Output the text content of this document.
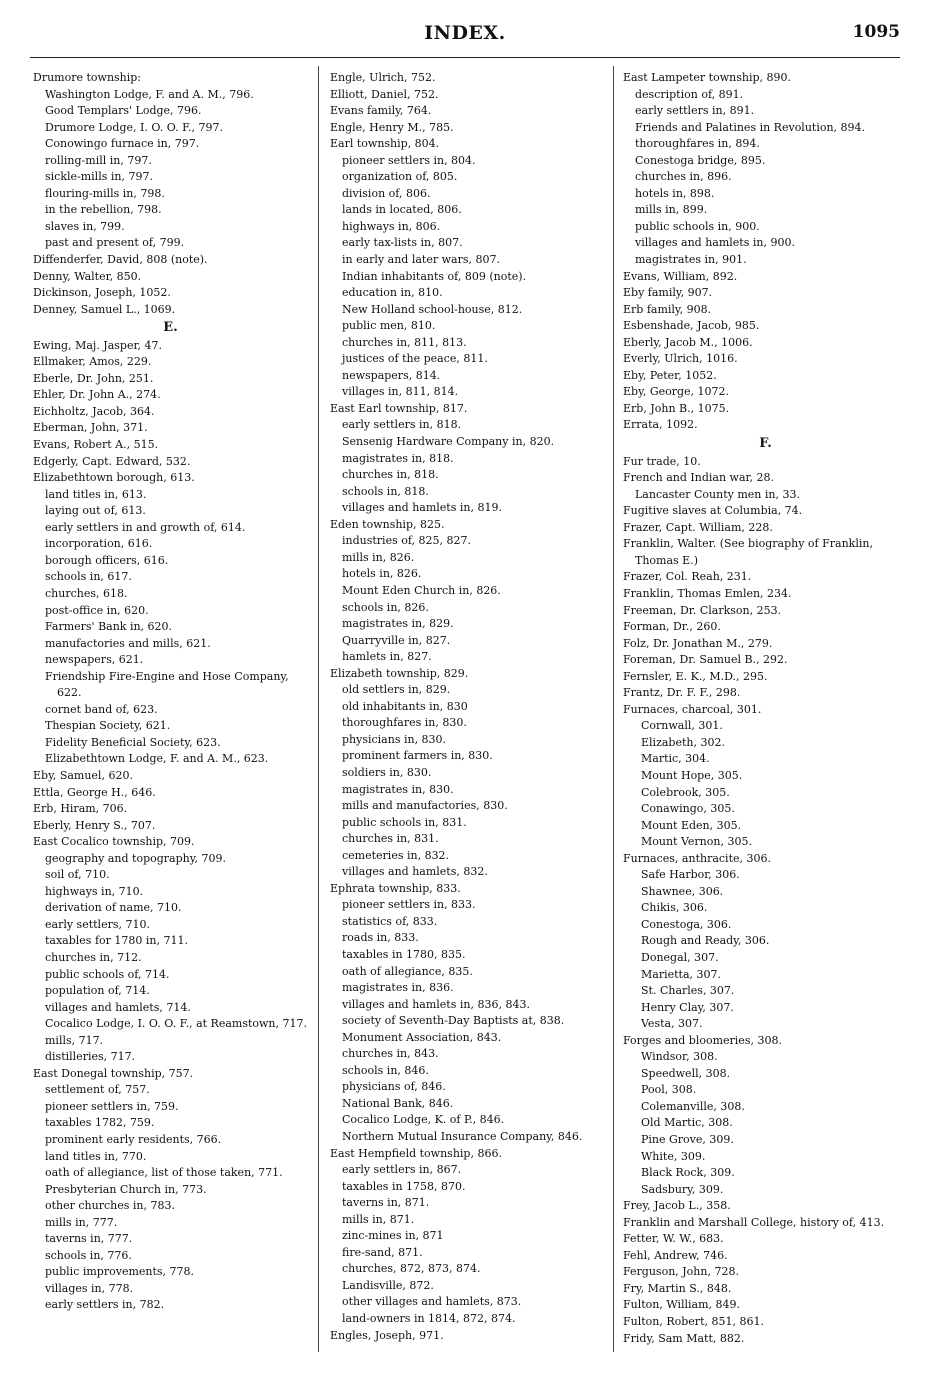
INDEX.	1095
Drumore township:
Washington Lodge, F. and A. M., 796.
Good Templars' Lodge, 796.
Drumore Lodge, I. O. O. F., 797.
Conowingo furnace in, 797.
rolling-mill in, 797.
sickle-mills in, 797.
flouring-mills in, 798.
in the rebellion, 798.
slaves in, 799.
past and present of, 799.
Diffenderfer, David, 808 (note).
Denny, Walter, 850.
Dickinson, Joseph, 1052.
Denney, Samuel L., 1069.
E.
Ewing, Maj. Jasper, 47.
Ellmaker, Amos, 229.
Eberle, Dr. John, 251.
Ehler, Dr. John A., 274.
Eichholtz, Jacob, 364.
Eberman, John, 371.
Evans, Robert A., 515.
Edgerly, Capt. Edward, 532.
Elizabethtown borough, 613.
land titles in, 613.
laying out of, 613.
early settlers in and growth of, 614.
incorporation, 616.
borough officers, 616.
schools in, 617.
churches, 618.
post-office in, 620.
Farmers' Bank in, 620.
manufactories and mills, 621.
newspapers, 621.
Friendship Fire-Engine and Hose Company, 622.
cornet band of, 623.
Thespian Society, 621.
Fidelity Beneficial Society, 623.
Elizabethtown Lodge, F. and A. M., 623.
Eby, Samuel, 620.
Ettla, George H., 646.
Erb, Hiram, 706.
Eberly, Henry S., 707.
East Cocalico township, 709.
geography and topography, 709.
soil of, 710.
highways in, 710.
derivation of name, 710.
early settlers, 710.
taxables for 1780 in, 711.
churches in, 712.
public schools of, 714.
population of, 714.
villages and hamlets, 714.
Cocalico Lodge, I. O. O. F., at Reamstown, 717.
mills, 717.
distilleries, 717.
East Donegal township, 757.
settlement of, 757.
pioneer settlers in, 759.
taxables 1782, 759.
prominent early residents, 766.
land titles in, 770.
oath of allegiance, list of those taken, 771.
Presbyterian Church in, 773.
other churches in, 783.
mills in, 777.
taverns in, 777.
schools in, 776.
public improvements, 778.
villages in, 778.
early settlers in, 782.
Engle, Ulrich, 752.
Elliott, Daniel, 752.
Evans family, 764.
Engle, Henry M., 785.
Earl township, 804.
pioneer settlers in, 804.
organization of, 805.
division of, 806.
lands in located, 806.
highways in, 806.
early tax-lists in, 807.
in early and later wars, 807.
Indian inhabitants of, 809 (note).
education in, 810.
New Holland school-house, 812.
public men, 810.
churches in, 811, 813.
justices of the peace, 811.
newspapers, 814.
villages in, 811, 814.
East Earl township, 817.
early settlers in, 818.
Sensenig Hardware Company in, 820.
magistrates in, 818.
churches in, 818.
schools in, 818.
villages and hamlets in, 819.
Eden township, 825.
industries of, 825, 827.
mills in, 826.
hotels in, 826.
Mount Eden Church in, 826.
schools in, 826.
magistrates in, 829.
Quarryville in, 827.
hamlets in, 827.
Elizabeth township, 829.
old settlers in, 829.
old inhabitants in, 830
thoroughfares in, 830.
physicians in, 830.
prominent farmers in, 830.
soldiers in, 830.
magistrates in, 830.
mills and manufactories, 830.
public schools in, 831.
churches in, 831.
cemeteries in, 832.
villages and hamlets, 832.
Ephrata township, 833.
pioneer settlers in, 833.
statistics of, 833.
roads in, 833.
taxables in 1780, 835.
oath of allegiance, 835.
magistrates in, 836.
villages and hamlets in, 836, 843.
society of Seventh-Day Baptists at, 838.
Monument Association, 843.
churches in, 843.
schools in, 846.
physicians of, 846.
National Bank, 846.
Cocalico Lodge, K. of P., 846.
Northern Mutual Insurance Company, 846.
East Hempfield township, 866.
early settlers in, 867.
taxables in 1758, 870.
taverns in, 871.
mills in, 871.
zinc-mines in, 871
fire-sand, 871.
churches, 872, 873, 874.
Landisville, 872.
other villages and hamlets, 873.
land-owners in 1814, 872, 874.
Engles, Joseph, 971.
East Lampeter township, 890.
description of, 891.
early settlers in, 891.
Friends and Palatines in Revolution, 894.
thoroughfares in, 894.
Conestoga bridge, 895.
churches in, 896.
hotels in, 898.
mills in, 899.
public schools in, 900.
villages and hamlets in, 900.
magistrates in, 901.
Evans, William, 892.
Eby family, 907.
Erb family, 908.
Esbenshade, Jacob, 985.
Eberly, Jacob M., 1006.
Everly, Ulrich, 1016.
Eby, Peter, 1052.
Eby, George, 1072.
Erb, John B., 1075.
Errata, 1092.
F.
Fur trade, 10.
French and Indian war, 28.
Lancaster County men in, 33.
Fugitive slaves at Columbia, 74.
Frazer, Capt. William, 228.
Franklin, Walter. (See biography of Franklin, Thomas E.)
Frazer, Col. Reah, 231.
Franklin, Thomas Emlen, 234.
Freeman, Dr. Clarkson, 253.
Forman, Dr., 260.
Folz, Dr. Jonathan M., 279.
Foreman, Dr. Samuel B., 292.
Fernsler, E. K., M.D., 295.
Frantz, Dr. F. F., 298.
Furnaces, charcoal, 301.
Cornwall, 301.
Elizabeth, 302.
Martic, 304.
Mount Hope, 305.
Colebrook, 305.
Conawingo, 305.
Mount Eden, 305.
Mount Vernon, 305.
Furnaces, anthracite, 306.
Safe Harbor, 306.
Shawnee, 306.
Chikis, 306.
Conestoga, 306.
Rough and Ready, 306.
Donegal, 307.
Marietta, 307.
St. Charles, 307.
Henry Clay, 307.
Vesta, 307.
Forges and bloomeries, 308.
Windsor, 308.
Speedwell, 308.
Pool, 308.
Colemanville, 308.
Old Martic, 308.
Pine Grove, 309.
White, 309.
Black Rock, 309.
Sadsbury, 309.
Frey, Jacob L., 358.
Franklin and Marshall College, history of, 413.
Fetter, W. W., 683.
Fehl, Andrew, 746.
Ferguson, John, 728.
Fry, Martin S., 848.
Fulton, William, 849.
Fulton, Robert, 851, 861.
Fridy, Sam Matt, 882.
